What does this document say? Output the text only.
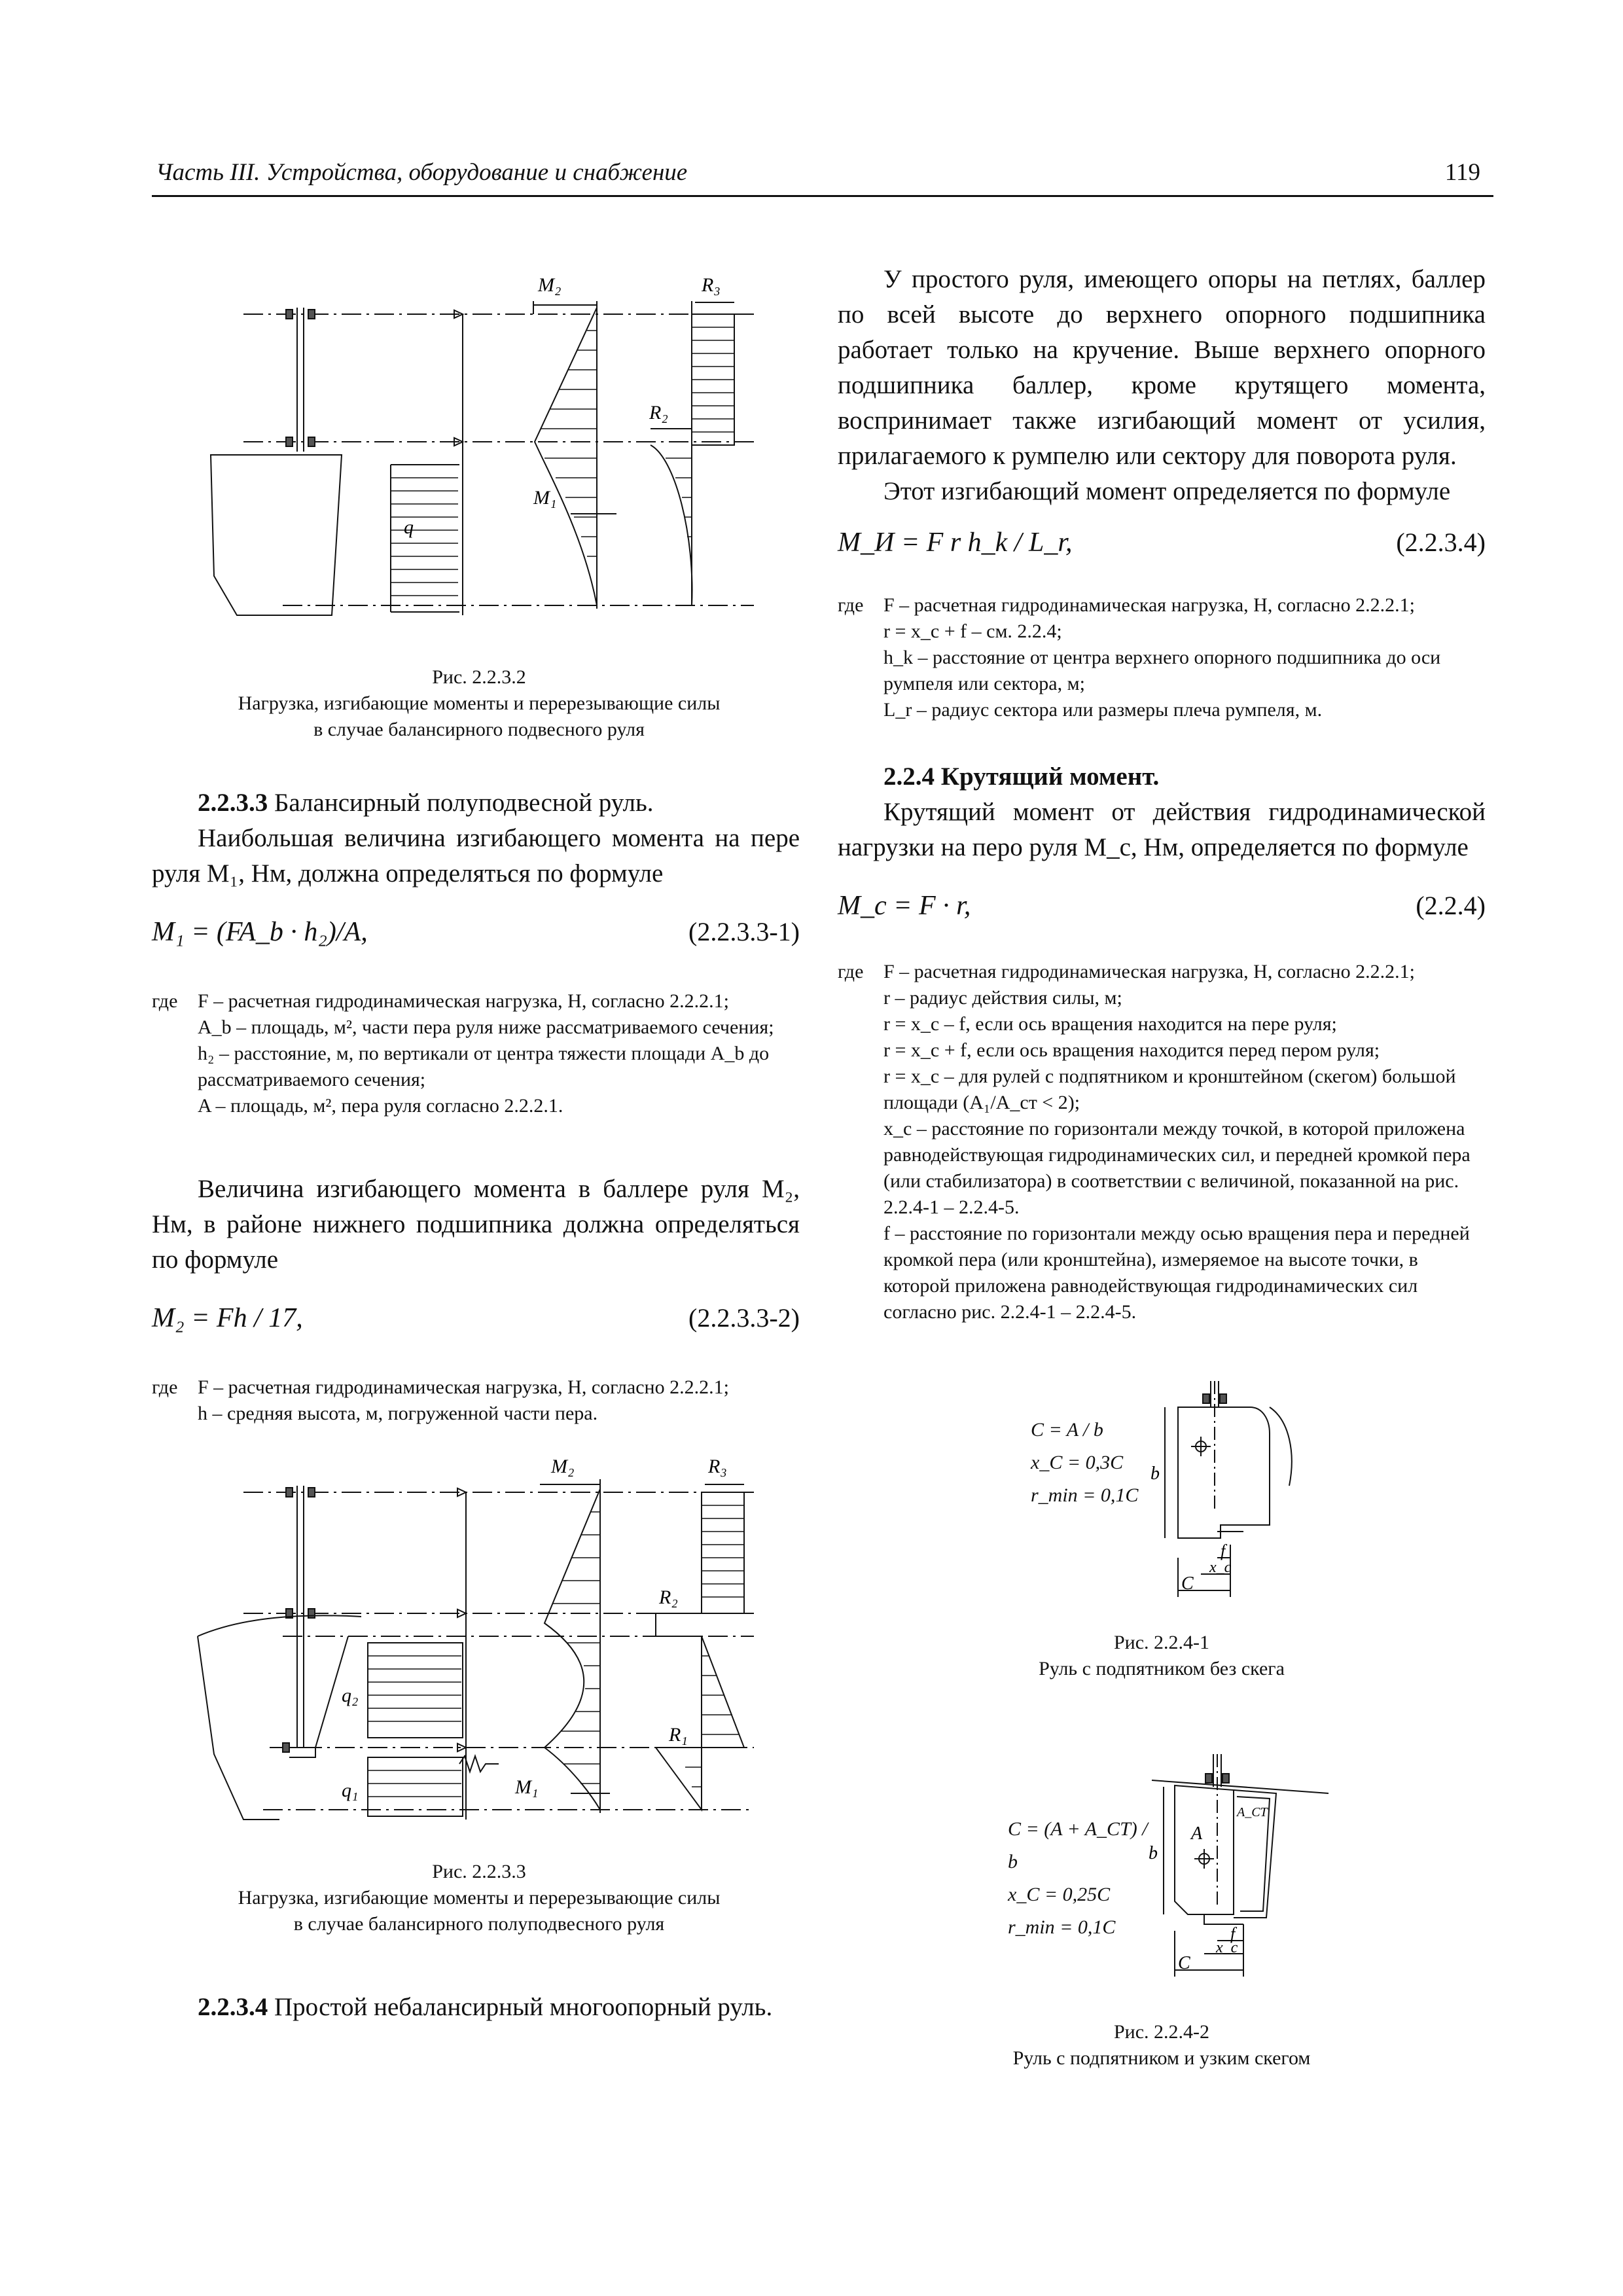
Часть III. Устройства, оборудование и снабжение	119
M₂	R₃
R₂
M₁
q
Рис. 2.2.3.2
Нагрузка, изгибающие моменты и перерезывающие силы
в случае балансирного подвесного руля

2.2.3.3 Балансирный полуподвесной руль.

Наибольшая величина изгибающего момента на пере руля M₁, Нм, должна определяться по формуле

M₁ = (FA_b · h₂)/A,	(2.2.3.3-1)
где F – расчетная гидродинамическая нагрузка, Н, согласно 2.2.2.1;
A_b – площадь, м², части пера руля ниже рассматриваемого сечения;
h₂ – расстояние, м, по вертикали от центра тяжести площади A_b до рассматриваемого сечения;
A – площадь, м², пера руля согласно 2.2.2.1.

Величина изгибающего момента в баллере руля M₂, Нм, в районе нижнего подшипника должна определяться по формуле

M₂ = Fh / 17,	(2.2.3.3-2)
где F – расчетная гидродинамическая нагрузка, Н, согласно 2.2.2.1;
h – средняя высота, м, погруженной части пера.
M₂	R₃
R₂
R₁
M₁
q₂
q₁
Рис. 2.2.3.3
Нагрузка, изгибающие моменты и перерезывающие силы
в случае балансирного полуподвесного руля

2.2.3.4 Простой небалансирный многоопорный руль.

У простого руля, имеющего опоры на петлях, баллер по всей высоте до верхнего опорного подшипника работает только на кручение. Выше верхнего опорного подшипника баллер, кроме крутящего момента, воспринимает также изгибающий момент от усилия, прилагаемого к румпелю или сектору для поворота руля.

Этот изгибающий момент определяется по формуле

M_И = F r h_k / L_r,	(2.2.3.4)
где F – расчетная гидродинамическая нагрузка, Н, согласно 2.2.2.1;
r = x_c + f – см. 2.2.4;
h_k – расстояние от центра верхнего опорного подшипника до оси румпеля или сектора, м;
L_r – радиус сектора или размеры плеча румпеля, м.

2.2.4 Крутящий момент.

Крутящий момент от действия гидродинамической нагрузки на перо руля M_c, Нм, определяется по формуле

M_c = F · r,	(2.2.4)
где F – расчетная гидродинамическая нагрузка, Н, согласно 2.2.2.1;
r – радиус действия силы, м;
r = x_c – f, если ось вращения находится на пере руля;
r = x_c + f, если ось вращения находится перед пером руля;
r = x_c – для рулей с подпятником и кронштейном (скегом) большой площади (A₁/A_ст < 2);
x_c – расстояние по горизонтали между точкой, в которой приложена равнодействующая гидродинамических сил, и передней кромкой пера (или стабилизатора) в соответствии с величиной, показанной на рис. 2.2.4-1 – 2.2.4-5.
f – расстояние по горизонтали между осью вращения пера и передней кромкой пера (или кронштейна), измеряемое на высоте точки, в которой приложена равнодействующая гидродинамических сил согласно рис. 2.2.4-1 – 2.2.4-5.
C = A / b
x_C = 0,3C
r_min = 0,1C
b
f
x_c
C
Рис. 2.2.4-1
Руль с подпятником без скега
C = (A + A_CT) / b
x_C = 0,25C
r_min = 0,1C
A
A_CT
b
f
x_c
C
Рис. 2.2.4-2
Руль с подпятником и узким скегом
